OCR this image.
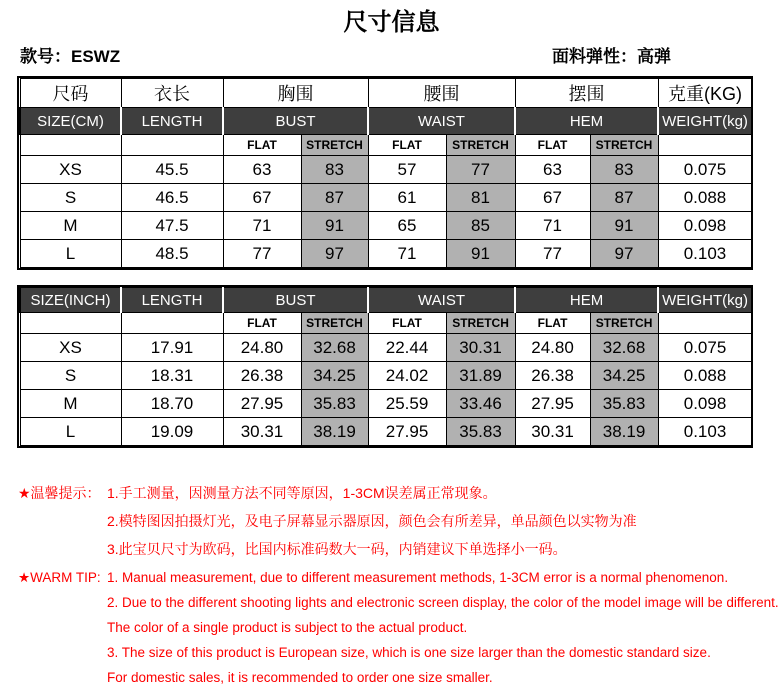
尺寸信息
款号：ESWZ	面料弹性：高弹
尺码	衣长	胸围		腰围		摆围		克重(KG)
SIZE(CM)	LENGTH	BUST		WAIST		HEM		WEIGHT(kg)
		FLAT	STRETCH	FLAT	STRETCH	FLAT	STRETCH	
XS	45.5	63	83	57	77	63	83	0.075
S	46.5	67	87	61	81	67	87	0.088
M	47.5	71	91	65	85	71	91	0.098
L	48.5	77	97	71	91	77	97	0.103
SIZE(INCH)	LENGTH	BUST		WAIST		HEM		WEIGHT(kg)
		FLAT	STRETCH	FLAT	STRETCH	FLAT	STRETCH	
XS	17.91	24.80	32.68	22.44	30.31	24.80	32.68	0.075
S	18.31	26.38	34.25	24.02	31.89	26.38	34.25	0.088
M	18.70	27.95	35.83	25.59	33.46	27.95	35.83	0.098
L	19.09	30.31	38.19	27.95	35.83	30.31	38.19	0.103
★温馨提示： 1.手工测量，因测量方法不同等原因，1-3CM误差属正常现象。
2.模特图因拍摄灯光，及电子屏幕显示器原因，颜色会有所差异，单品颜色以实物为准
3.此宝贝尺寸为欧码，比国内标准码数大一码，内销建议下单选择小一码。
★WARM TIP: 1. Manual measurement, due to different measurement methods, 1-3CM error is a normal phenomenon.
2. Due to the different shooting lights and electronic screen display, the color of the model image will be different.
The color of a single product is subject to the actual product.
3. The size of this product is European size, which is one size larger than the domestic standard size.
For domestic sales, it is recommended to order one size smaller.
